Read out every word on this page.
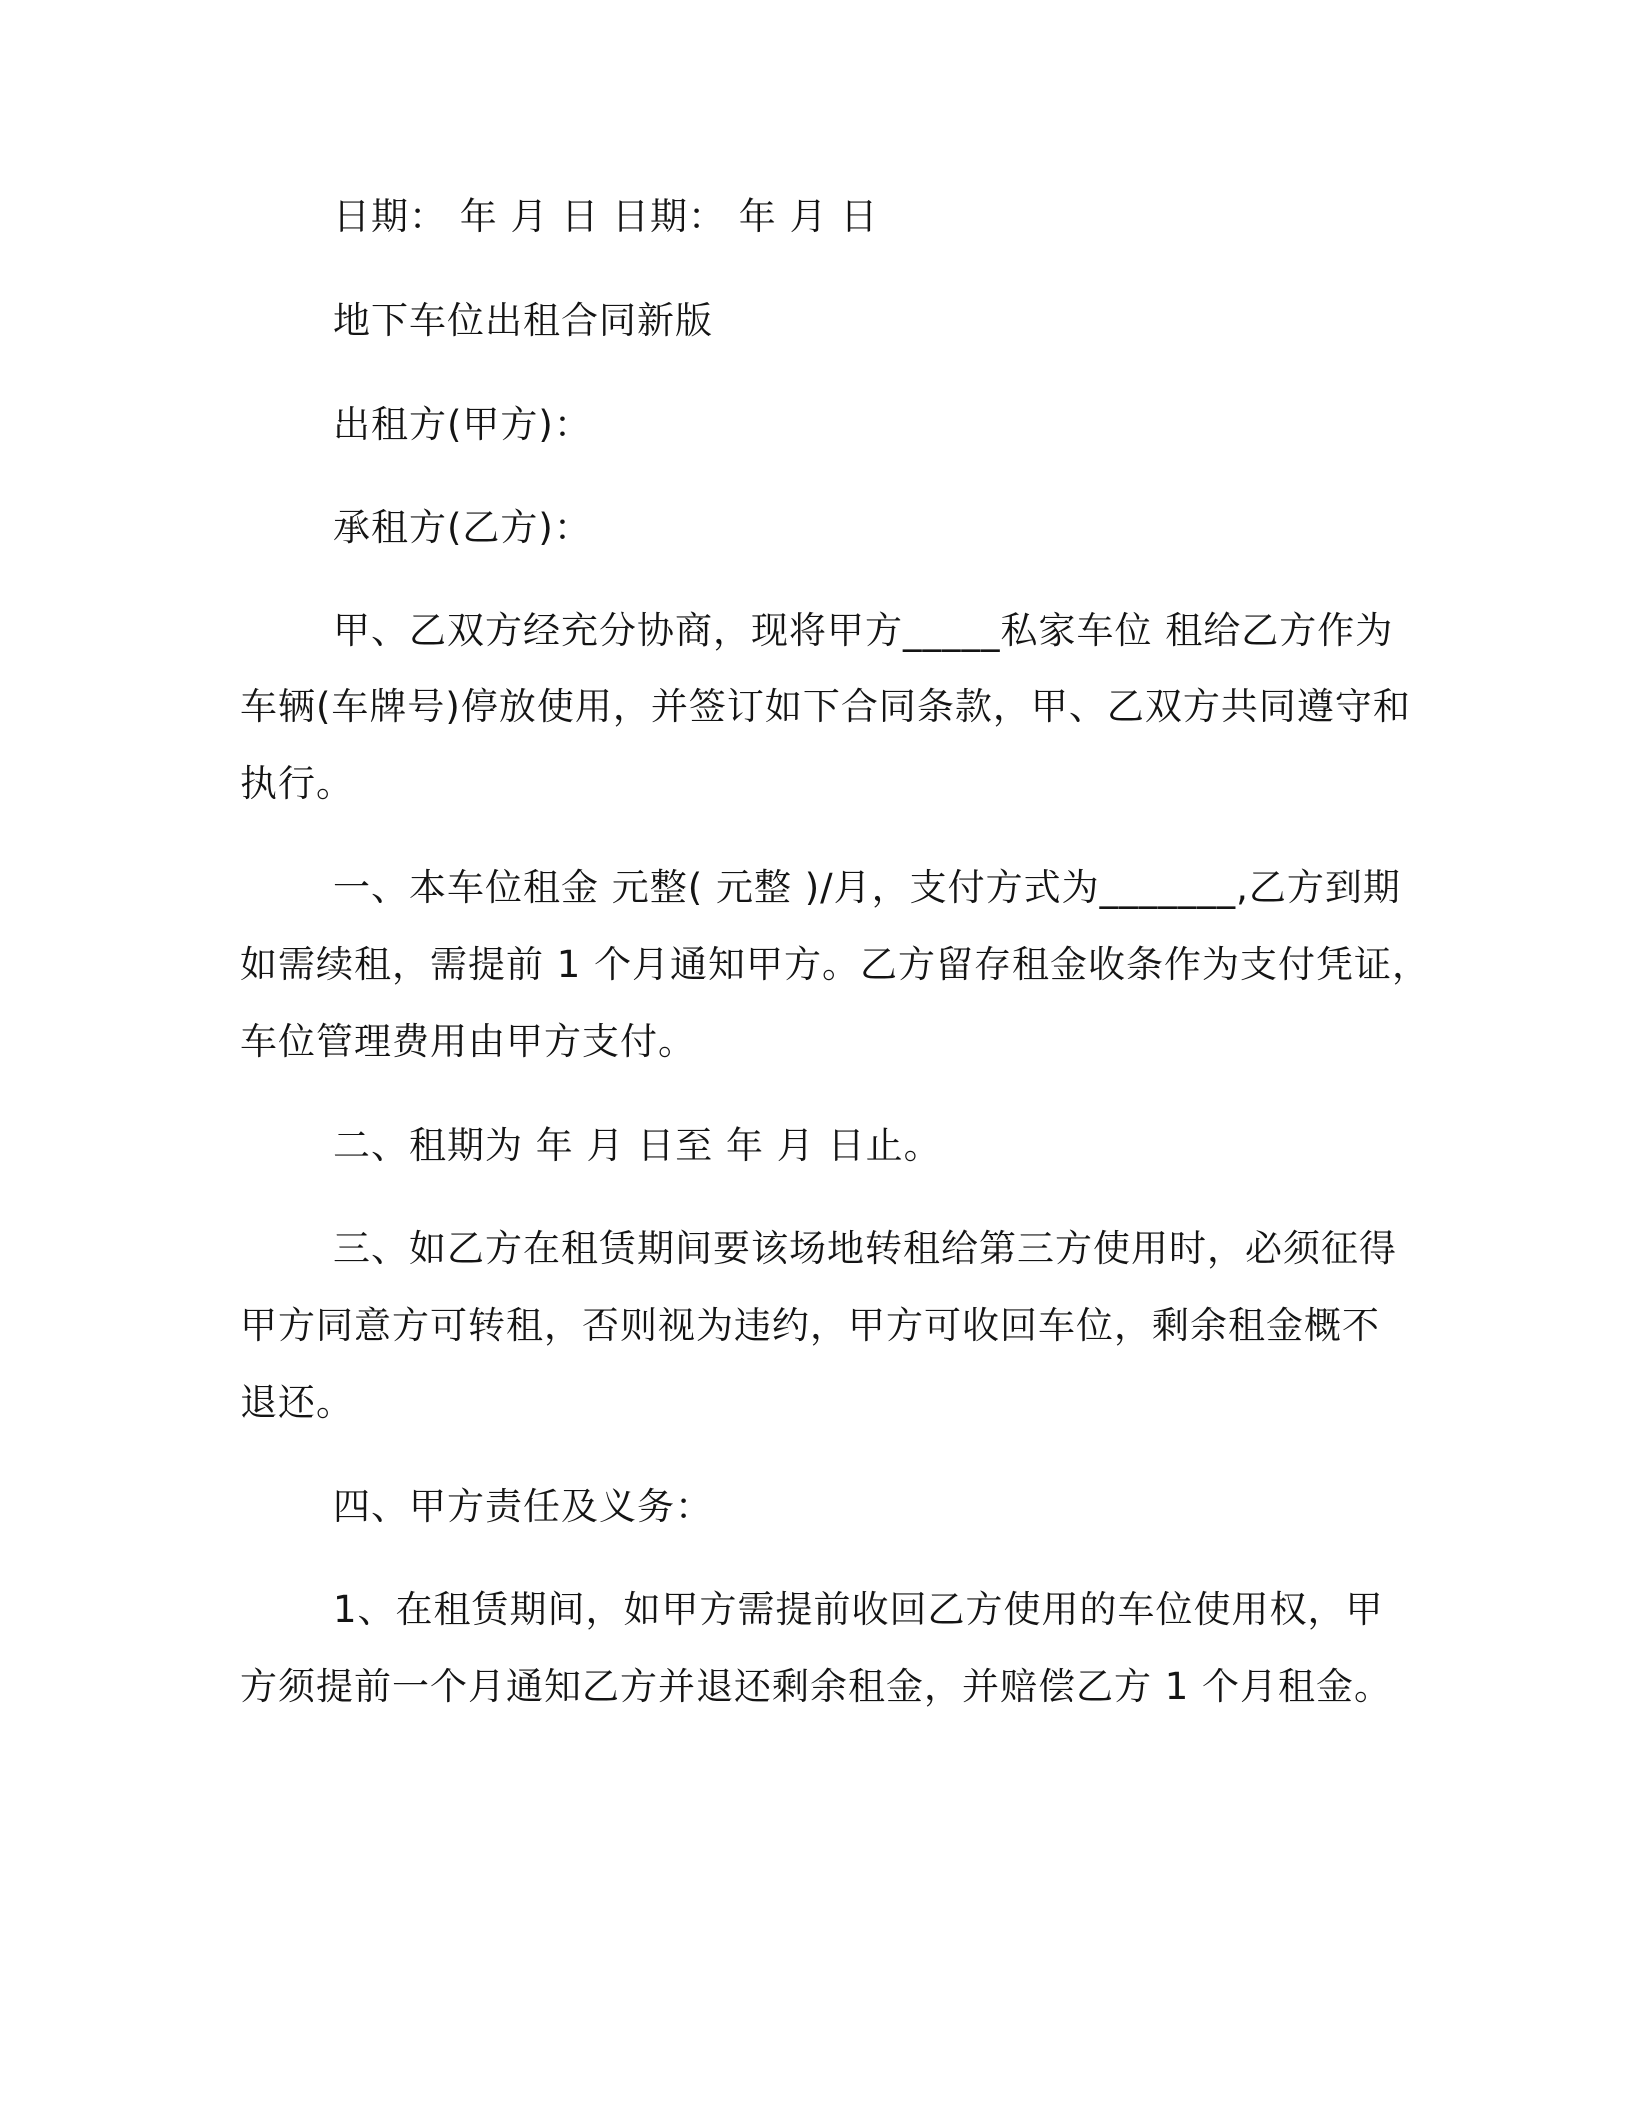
日期： 年 月 日 日期： 年 月 日
地下车位出租合同新版
出租方(甲方)：
承租方(乙方)：
甲、乙双方经充分协商，现将甲方_____私家车位 租给乙方作为
车辆(车牌号)停放使用，并签订如下合同条款，甲、乙双方共同遵守和
执行。
一、本车位租金 元整( 元整 )/月，支付方式为_______,乙方到期
如需续租，需提前 1 个月通知甲方。乙方留存租金收条作为支付凭证，
车位管理费用由甲方支付。
二、租期为 年 月 日至 年 月 日止。
三、如乙方在租赁期间要该场地转租给第三方使用时，必须征得
甲方同意方可转租，否则视为违约，甲方可收回车位，剩余租金概不
退还。
四、甲方责任及义务：
1、在租赁期间，如甲方需提前收回乙方使用的车位使用权，甲
方须提前一个月通知乙方并退还剩余租金，并赔偿乙方 1 个月租金。
